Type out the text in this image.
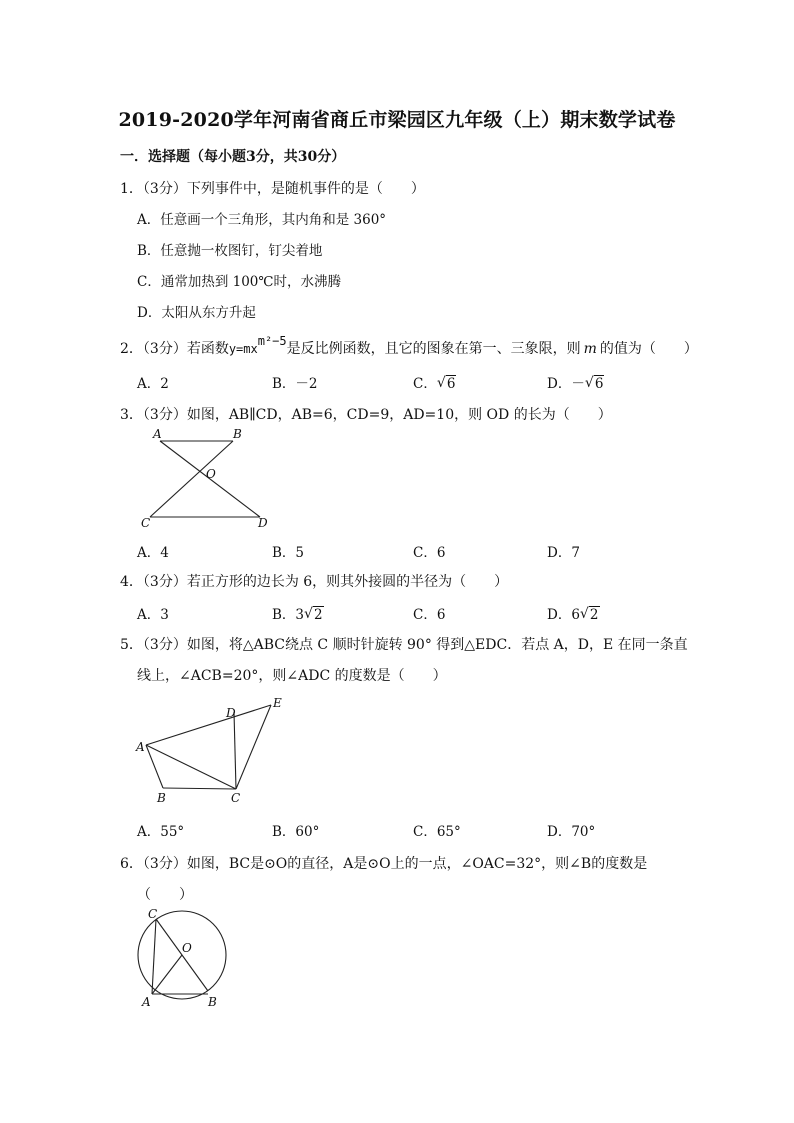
2019-2020学年河南省商丘市梁园区九年级（上）期末数学试卷
一．选择题（每小题3分，共30分）
1．（3分）下列事件中，是随机事件的是（　　）
A．任意画一个三角形，其内角和是 360°
B．任意抛一枚图钉，钉尖着地
C．通常加热到 100℃时，水沸腾
D．太阳从东方升起
2．（3分）若函数y=mxm²−5是反比例函数，且它的图象在第一、三象限，则 m 的值为（　　）
A．2	B．－2	C． √ 6	D．－ √ 6
3．（3分）如图，AB∥CD，AB=6，CD=9，AD=10，则 OD 的长为（　　）
A	B
O
C	D
A．4	B．5	C．6	D．7
4．（3分）若正方形的边长为 6，则其外接圆的半径为（　　）
A．3	B．3 √ 2	C．6	D．6 √ 2
5．（3分）如图，将△ABC绕点 C 顺时针旋转 90° 得到△EDC．若点 A，D，E 在同一条直
线上，∠ACB=20°，则∠ADC 的度数是（　　）
A
B	C
D
E
A．55°	B．60°	C．65°	D．70°
6．（3分）如图，BC是⊙O的直径，A是⊙O上的一点，∠OAC=32°，则∠B的度数是
（　　）
C
O
A	B
